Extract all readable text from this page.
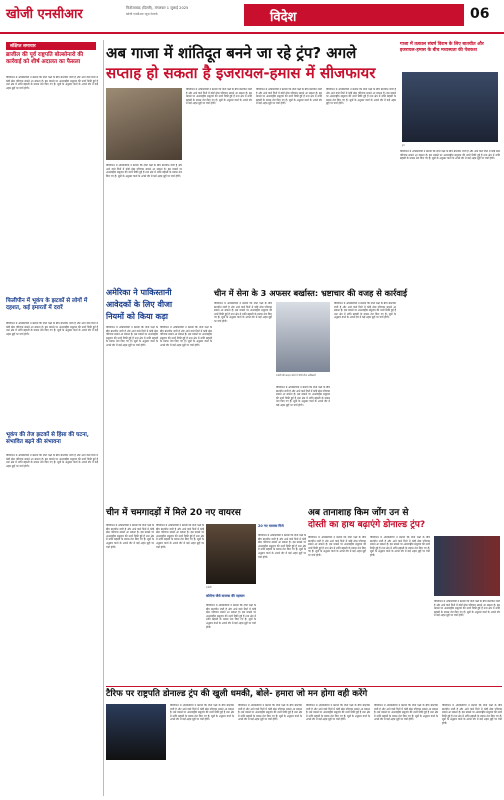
खोजी एनसीआर	फिरोजाबाद (दिल्ली), मंगलवार 1 जुलाई 2025
खोजी एनसीआर न्यूज़ नेटवर्क	विदेश	06
संक्षिप्त समाचार
ब्राजील की पूर्व राष्ट्रपति बोल्सोनारो की कार्रवाई को शीर्ष अदालत का फैसला
वॉशिंगटन में अधिकारियों ने बताया कि दोनों पक्षों के बीच बातचीत जारी है और आने वाले दिनों में कोई ठोस परिणाम सामने आ सकता है। इस मामले पर अंतरराष्ट्रीय समुदाय की नजरें टिकी हुई हैं तथा क्षेत्र में शांति बहाली के प्रयास तेज किए गए हैं। सूत्रों के अनुसार वार्ता के अगले दौर में कई अहम मुद्दों पर चर्चा होगी।
फिलीपीन में भूकंप के झटकों से लोगों में दहशत, कई इमारतों में दरारें
वॉशिंगटन में अधिकारियों ने बताया कि दोनों पक्षों के बीच बातचीत जारी है और आने वाले दिनों में कोई ठोस परिणाम सामने आ सकता है। इस मामले पर अंतरराष्ट्रीय समुदाय की नजरें टिकी हुई हैं तथा क्षेत्र में शांति बहाली के प्रयास तेज किए गए हैं। सूत्रों के अनुसार वार्ता के अगले दौर में कई अहम मुद्दों पर चर्चा होगी।
भूकंप की तेज झटकों से हिंसा की घटना, संभावित बढ़ने की संभावना
वॉशिंगटन में अधिकारियों ने बताया कि दोनों पक्षों के बीच बातचीत जारी है और आने वाले दिनों में कोई ठोस परिणाम सामने आ सकता है। इस मामले पर अंतरराष्ट्रीय समुदाय की नजरें टिकी हुई हैं तथा क्षेत्र में शांति बहाली के प्रयास तेज किए गए हैं। सूत्रों के अनुसार वार्ता के अगले दौर में कई अहम मुद्दों पर चर्चा होगी।
अब गाजा में शांतिदूत बनने जा रहे ट्रंप? अगले
सप्ताह हो सकता है इजरायल-हमास में सीजफायर
वॉशिंगटन में अधिकारियों ने बताया कि दोनों पक्षों के बीच बातचीत जारी है और आने वाले दिनों में कोई ठोस परिणाम सामने आ सकता है। इस मामले पर अंतरराष्ट्रीय समुदाय की नजरें टिकी हुई हैं तथा क्षेत्र में शांति बहाली के प्रयास तेज किए गए हैं। सूत्रों के अनुसार वार्ता के अगले दौर में कई अहम मुद्दों पर चर्चा होगी।
वॉशिंगटन में अधिकारियों ने बताया कि दोनों पक्षों के बीच बातचीत जारी है और आने वाले दिनों में कोई ठोस परिणाम सामने आ सकता है। इस मामले पर अंतरराष्ट्रीय समुदाय की नजरें टिकी हुई हैं तथा क्षेत्र में शांति बहाली के प्रयास तेज किए गए हैं। सूत्रों के अनुसार वार्ता के अगले दौर में कई अहम मुद्दों पर चर्चा होगी।
वॉशिंगटन में अधिकारियों ने बताया कि दोनों पक्षों के बीच बातचीत जारी है और आने वाले दिनों में कोई ठोस परिणाम सामने आ सकता है। इस मामले पर अंतरराष्ट्रीय समुदाय की नजरें टिकी हुई हैं तथा क्षेत्र में शांति बहाली के प्रयास तेज किए गए हैं। सूत्रों के अनुसार वार्ता के अगले दौर में कई अहम मुद्दों पर चर्चा होगी।
वॉशिंगटन में अधिकारियों ने बताया कि दोनों पक्षों के बीच बातचीत जारी है और आने वाले दिनों में कोई ठोस परिणाम सामने आ सकता है। इस मामले पर अंतरराष्ट्रीय समुदाय की नजरें टिकी हुई हैं तथा क्षेत्र में शांति बहाली के प्रयास तेज किए गए हैं। सूत्रों के अनुसार वार्ता के अगले दौर में कई अहम मुद्दों पर चर्चा होगी।
गाजा में तत्काल संघर्ष विराम के लिए बातचीत और इजरायल-हमास के बीच मध्यस्थता की पेशकश
ट्रंप
वॉशिंगटन में अधिकारियों ने बताया कि दोनों पक्षों के बीच बातचीत जारी है और आने वाले दिनों में कोई ठोस परिणाम सामने आ सकता है। इस मामले पर अंतरराष्ट्रीय समुदाय की नजरें टिकी हुई हैं तथा क्षेत्र में शांति बहाली के प्रयास तेज किए गए हैं। सूत्रों के अनुसार वार्ता के अगले दौर में कई अहम मुद्दों पर चर्चा होगी।
अमेरिका ने पाकिस्तानी
आवेदकों के लिए वीजा
नियमों को किया कड़ा
वॉशिंगटन में अधिकारियों ने बताया कि दोनों पक्षों के बीच बातचीत जारी है और आने वाले दिनों में कोई ठोस परिणाम सामने आ सकता है। इस मामले पर अंतरराष्ट्रीय समुदाय की नजरें टिकी हुई हैं तथा क्षेत्र में शांति बहाली के प्रयास तेज किए गए हैं। सूत्रों के अनुसार वार्ता के अगले दौर में कई अहम मुद्दों पर चर्चा होगी।
वॉशिंगटन में अधिकारियों ने बताया कि दोनों पक्षों के बीच बातचीत जारी है और आने वाले दिनों में कोई ठोस परिणाम सामने आ सकता है। इस मामले पर अंतरराष्ट्रीय समुदाय की नजरें टिकी हुई हैं तथा क्षेत्र में शांति बहाली के प्रयास तेज किए गए हैं। सूत्रों के अनुसार वार्ता के अगले दौर में कई अहम मुद्दों पर चर्चा होगी।
चीन में सेना के 3 अफसर बर्खास्त: भ्रष्टाचार की वजह से कार्रवाई
वॉशिंगटन में अधिकारियों ने बताया कि दोनों पक्षों के बीच बातचीत जारी है और आने वाले दिनों में कोई ठोस परिणाम सामने आ सकता है। इस मामले पर अंतरराष्ट्रीय समुदाय की नजरें टिकी हुई हैं तथा क्षेत्र में शांति बहाली के प्रयास तेज किए गए हैं। सूत्रों के अनुसार वार्ता के अगले दौर में कई अहम मुद्दों पर चर्चा होगी।
एजेंसी की फाइल फोटो में चीनी सैन्य अधिकारी
वॉशिंगटन में अधिकारियों ने बताया कि दोनों पक्षों के बीच बातचीत जारी है और आने वाले दिनों में कोई ठोस परिणाम सामने आ सकता है। इस मामले पर अंतरराष्ट्रीय समुदाय की नजरें टिकी हुई हैं तथा क्षेत्र में शांति बहाली के प्रयास तेज किए गए हैं। सूत्रों के अनुसार वार्ता के अगले दौर में कई अहम मुद्दों पर चर्चा होगी।
वॉशिंगटन में अधिकारियों ने बताया कि दोनों पक्षों के बीच बातचीत जारी है और आने वाले दिनों में कोई ठोस परिणाम सामने आ सकता है। इस मामले पर अंतरराष्ट्रीय समुदाय की नजरें टिकी हुई हैं तथा क्षेत्र में शांति बहाली के प्रयास तेज किए गए हैं। सूत्रों के अनुसार वार्ता के अगले दौर में कई अहम मुद्दों पर चर्चा होगी।
चीन में चमगादड़ों में मिले 20 नए वायरस
वॉशिंगटन में अधिकारियों ने बताया कि दोनों पक्षों के बीच बातचीत जारी है और आने वाले दिनों में कोई ठोस परिणाम सामने आ सकता है। इस मामले पर अंतरराष्ट्रीय समुदाय की नजरें टिकी हुई हैं तथा क्षेत्र में शांति बहाली के प्रयास तेज किए गए हैं। सूत्रों के अनुसार वार्ता के अगले दौर में कई अहम मुद्दों पर चर्चा होगी।
वॉशिंगटन में अधिकारियों ने बताया कि दोनों पक्षों के बीच बातचीत जारी है और आने वाले दिनों में कोई ठोस परिणाम सामने आ सकता है। इस मामले पर अंतरराष्ट्रीय समुदाय की नजरें टिकी हुई हैं तथा क्षेत्र में शांति बहाली के प्रयास तेज किए गए हैं। सूत्रों के अनुसार वार्ता के अगले दौर में कई अहम मुद्दों पर चर्चा होगी।
एजेंसी
कोरोना जैसे वायरस की पहचान
वॉशिंगटन में अधिकारियों ने बताया कि दोनों पक्षों के बीच बातचीत जारी है और आने वाले दिनों में कोई ठोस परिणाम सामने आ सकता है। इस मामले पर अंतरराष्ट्रीय समुदाय की नजरें टिकी हुई हैं तथा क्षेत्र में शांति बहाली के प्रयास तेज किए गए हैं। सूत्रों के अनुसार वार्ता के अगले दौर में कई अहम मुद्दों पर चर्चा होगी।
20 नए वायरस मिले
वॉशिंगटन में अधिकारियों ने बताया कि दोनों पक्षों के बीच बातचीत जारी है और आने वाले दिनों में कोई ठोस परिणाम सामने आ सकता है। इस मामले पर अंतरराष्ट्रीय समुदाय की नजरें टिकी हुई हैं तथा क्षेत्र में शांति बहाली के प्रयास तेज किए गए हैं। सूत्रों के अनुसार वार्ता के अगले दौर में कई अहम मुद्दों पर चर्चा होगी।
अब तानाशाह किम जोंग उन से
दोस्ती का हाथ बढ़ाएंगे डोनाल्ड ट्रंप?
वॉशिंगटन में अधिकारियों ने बताया कि दोनों पक्षों के बीच बातचीत जारी है और आने वाले दिनों में कोई ठोस परिणाम सामने आ सकता है। इस मामले पर अंतरराष्ट्रीय समुदाय की नजरें टिकी हुई हैं तथा क्षेत्र में शांति बहाली के प्रयास तेज किए गए हैं। सूत्रों के अनुसार वार्ता के अगले दौर में कई अहम मुद्दों पर चर्चा होगी।
वॉशिंगटन में अधिकारियों ने बताया कि दोनों पक्षों के बीच बातचीत जारी है और आने वाले दिनों में कोई ठोस परिणाम सामने आ सकता है। इस मामले पर अंतरराष्ट्रीय समुदाय की नजरें टिकी हुई हैं तथा क्षेत्र में शांति बहाली के प्रयास तेज किए गए हैं। सूत्रों के अनुसार वार्ता के अगले दौर में कई अहम मुद्दों पर चर्चा होगी।
वॉशिंगटन में अधिकारियों ने बताया कि दोनों पक्षों के बीच बातचीत जारी है और आने वाले दिनों में कोई ठोस परिणाम सामने आ सकता है। इस मामले पर अंतरराष्ट्रीय समुदाय की नजरें टिकी हुई हैं तथा क्षेत्र में शांति बहाली के प्रयास तेज किए गए हैं। सूत्रों के अनुसार वार्ता के अगले दौर में कई अहम मुद्दों पर चर्चा होगी।
टैरिफ पर राष्ट्रपति डोनाल्ड ट्रंप की खुली धमकी, बोले- हमारा जो मन होगा वही करेंगे
वॉशिंगटन में अधिकारियों ने बताया कि दोनों पक्षों के बीच बातचीत जारी है और आने वाले दिनों में कोई ठोस परिणाम सामने आ सकता है। इस मामले पर अंतरराष्ट्रीय समुदाय की नजरें टिकी हुई हैं तथा क्षेत्र में शांति बहाली के प्रयास तेज किए गए हैं। सूत्रों के अनुसार वार्ता के अगले दौर में कई अहम मुद्दों पर चर्चा होगी।
वॉशिंगटन में अधिकारियों ने बताया कि दोनों पक्षों के बीच बातचीत जारी है और आने वाले दिनों में कोई ठोस परिणाम सामने आ सकता है। इस मामले पर अंतरराष्ट्रीय समुदाय की नजरें टिकी हुई हैं तथा क्षेत्र में शांति बहाली के प्रयास तेज किए गए हैं। सूत्रों के अनुसार वार्ता के अगले दौर में कई अहम मुद्दों पर चर्चा होगी।
वॉशिंगटन में अधिकारियों ने बताया कि दोनों पक्षों के बीच बातचीत जारी है और आने वाले दिनों में कोई ठोस परिणाम सामने आ सकता है। इस मामले पर अंतरराष्ट्रीय समुदाय की नजरें टिकी हुई हैं तथा क्षेत्र में शांति बहाली के प्रयास तेज किए गए हैं। सूत्रों के अनुसार वार्ता के अगले दौर में कई अहम मुद्दों पर चर्चा होगी।
वॉशिंगटन में अधिकारियों ने बताया कि दोनों पक्षों के बीच बातचीत जारी है और आने वाले दिनों में कोई ठोस परिणाम सामने आ सकता है। इस मामले पर अंतरराष्ट्रीय समुदाय की नजरें टिकी हुई हैं तथा क्षेत्र में शांति बहाली के प्रयास तेज किए गए हैं। सूत्रों के अनुसार वार्ता के अगले दौर में कई अहम मुद्दों पर चर्चा होगी।
वॉशिंगटन में अधिकारियों ने बताया कि दोनों पक्षों के बीच बातचीत जारी है और आने वाले दिनों में कोई ठोस परिणाम सामने आ सकता है। इस मामले पर अंतरराष्ट्रीय समुदाय की नजरें टिकी हुई हैं तथा क्षेत्र में शांति बहाली के प्रयास तेज किए गए हैं। सूत्रों के अनुसार वार्ता के अगले दौर में कई अहम मुद्दों पर चर्चा होगी।
